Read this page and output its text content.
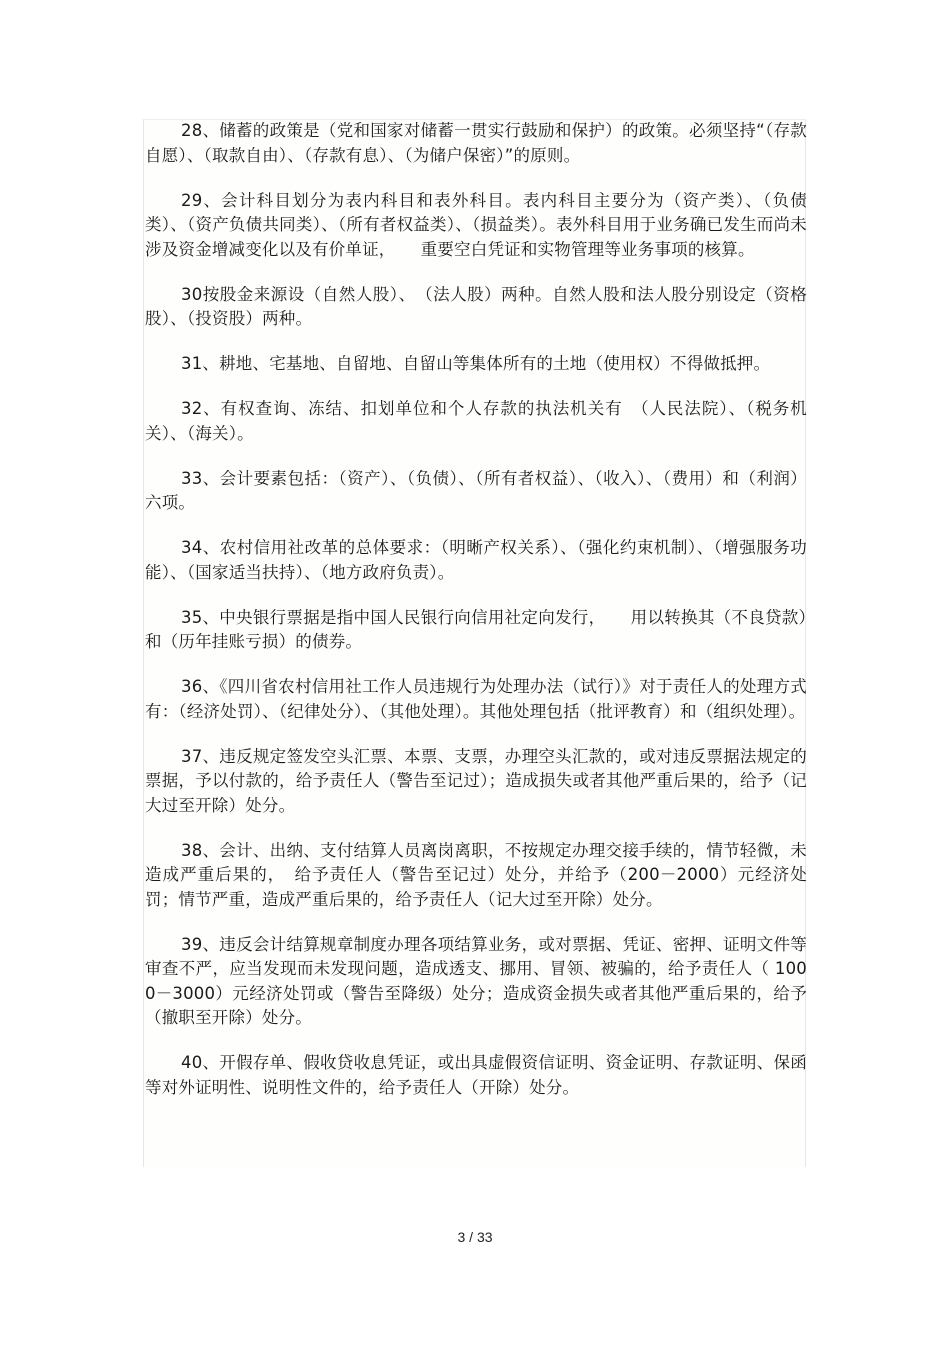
28、储蓄的政策是（党和国家对储蓄一贯实行鼓励和保护）的政策。必须坚持“（存款自愿）、（取款自由）、（存款有息）、（为储户保密）”的原则。

29、会计科目划分为表内科目和表外科目。表内科目主要分为（资产类）、（负债类）、（资产负债共同类）、（所有者权益类）、（损益类）。表外科目用于业务确已发生而尚未涉及资金增减变化以及有价单证，　　重要空白凭证和实物管理等业务事项的核算。

30按股金来源设（自然人股）、　（法人股）两种。自然人股和法人股分别设定（资格股）、（投资股）两种。

31、耕地、宅基地、自留地、自留山等集体所有的土地（使用权）不得做抵押。

32、有权查询、冻结、扣划单位和个人存款的执法机关有　（人民法院）、（税务机关）、（海关）。

33、会计要素包括：（资产）、（负债）、（所有者权益）、（收入）、（费用）和（利润）六项。

34、农村信用社改革的总体要求：（明晰产权关系）、（强化约束机制）、（增强服务功能）、（国家适当扶持）、（地方政府负责）。

35、中央银行票据是指中国人民银行向信用社定向发行，　　用以转换其（不良贷款）和（历年挂账亏损）的债券。

36、《四川省农村信用社工作人员违规行为处理办法（试行）》对于责任人的处理方式有：（经济处罚）、（纪律处分）、（其他处理）。其他处理包括（批评教育）和（组织处理）。

37、违反规定签发空头汇票、本票、支票，办理空头汇款的，或对违反票据法规定的票据，予以付款的，给予责任人（警告至记过）；造成损失或者其他严重后果的，给予（记大过至开除）处分。

38、会计、出纳、支付结算人员离岗离职，不按规定办理交接手续的，情节轻微，未造成严重后果的，　给予责任人（警告至记过）处分，并给予（200－2000）元经济处罚；情节严重，造成严重后果的，给予责任人（记大过至开除）处分。

39、违反会计结算规章制度办理各项结算业务，或对票据、凭证、密押、证明文件等审查不严，应当发现而未发现问题，造成透支、挪用、冒领、被骗的，给予责任人（ 1000－3000）元经济处罚或（警告至降级）处分；造成资金损失或者其他严重后果的，给予（撤职至开除）处分。

40、开假存单、假收贷收息凭证，或出具虚假资信证明、资金证明、存款证明、保函等对外证明性、说明性文件的，给予责任人（开除）处分。

3 / 33
